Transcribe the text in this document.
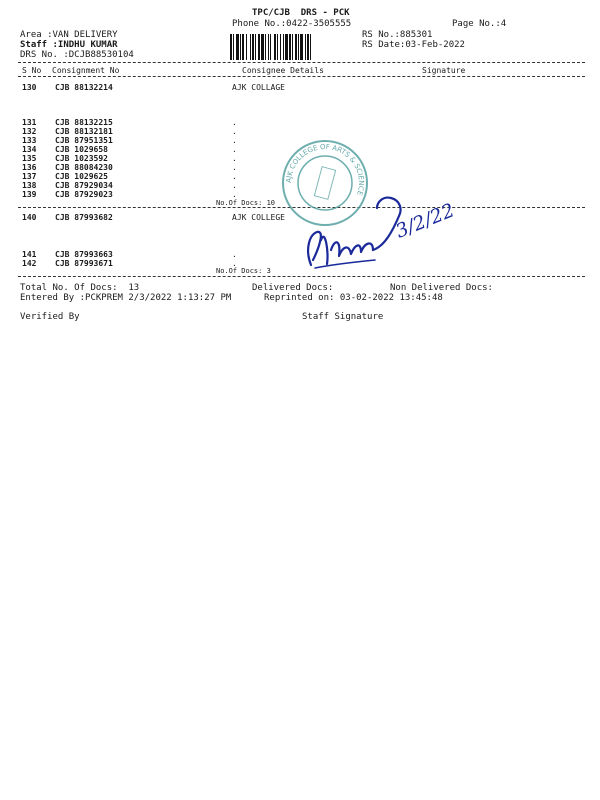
TPC/CJB  DRS - PCK
Phone No.:0422-3505555	Page No.:4
Area :VAN DELIVERY
Staff :INDHU KUMAR
DRS No. :DCJB88530104
RS No.:885301
RS Date:03-Feb-2022
S No Consignment No	Consignee Details	Signature
130	CJB 88132214	AJK COLLAGE
131	CJB 88132215	.
132	CJB 88132181	.
133	CJB 87951351	.
134	CJB 1029658	.
135	CJB 1023592	.
136	CJB 88084230	.
137	CJB 1029625	.
138	CJB 87929034	.
139	CJB 87929023	.
No.Of Docs: 10
140	CJB 87993682	AJK COLLEGE
141	CJB 87993663	.
142	CJB 87993671	.
No.Of Docs: 3
Total No. Of Docs:  13	Delivered Docs:	Non Delivered Docs:
Entered By :PCKPREM 2/3/2022 1:13:27 PM	Reprinted on: 03-02-2022 13:45:48
Verified By	Staff Signature
AJK COLLEGE OF ARTS & SCIENCE
3/2/22
